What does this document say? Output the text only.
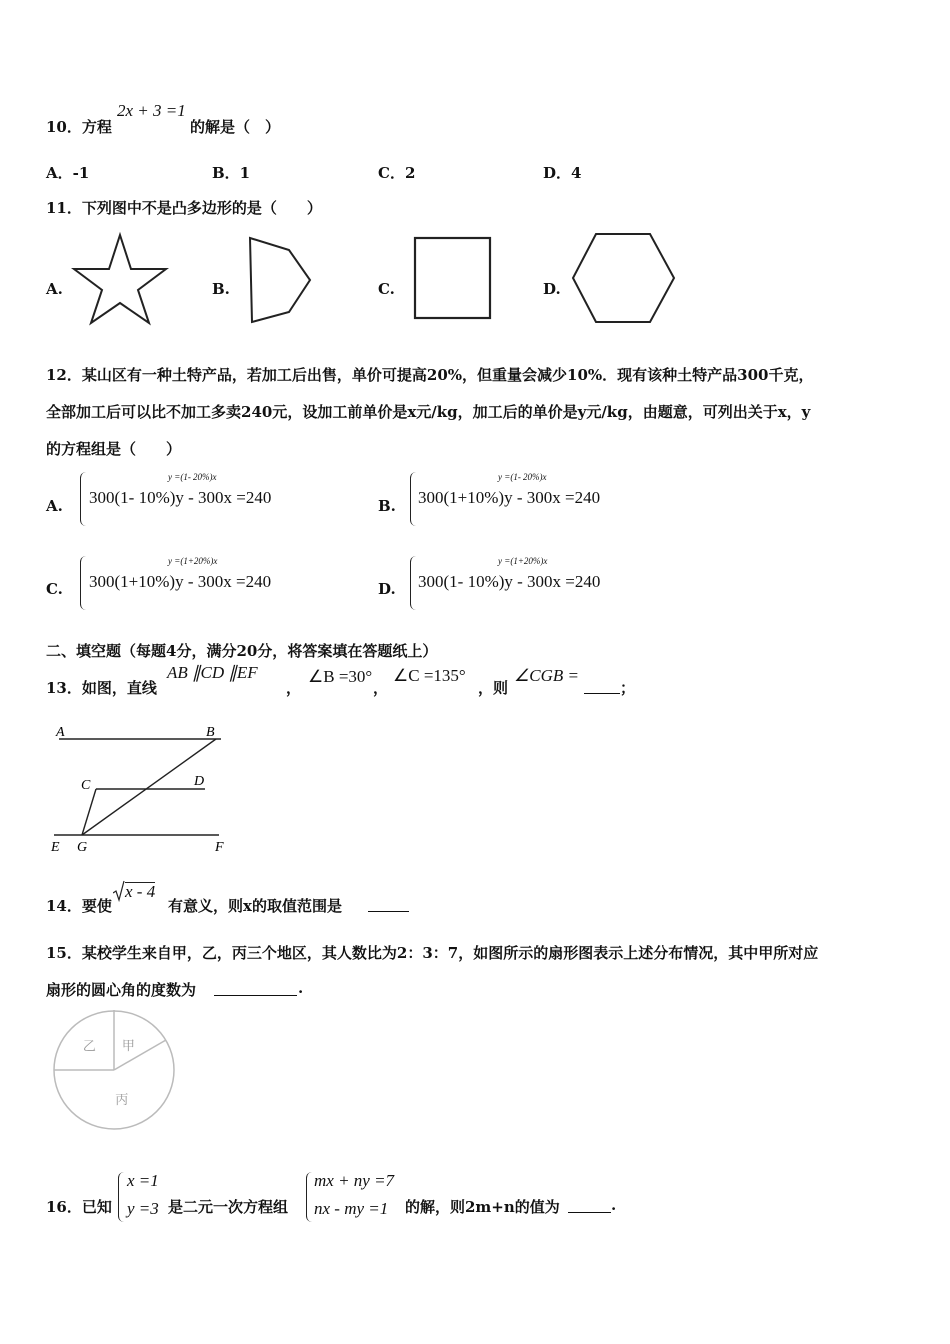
10．方程
2x + 3 =1
的解是（　）
A．-1	B．1	C．2	D．4
11．下列图中不是凸多边形的是（　　）
A.	B.	C.	D.
12．某山区有一种土特产品，若加工后出售，单价可提高20%，但重量会减少10%．现有该种土特产品300千克，
全部加工后可以比不加工多卖240元，设加工前单价是x元/kg，加工后的单价是y元/kg，由题意，可列出关于x，y
的方程组是（　　）
A.
y =(1- 20%)x
300(1- 10%)y - 300x =240	B.
y =(1- 20%)x
300(1+10%)y - 300x =240
C.
y =(1+20%)x
300(1+10%)y - 300x =240	D.
y =(1+20%)x
300(1- 10%)y - 300x =240
二、填空题（每题4分，满分20分，将答案填在答题纸上）
13．如图，直线
AB ∥CD ∥EF
，
∠B =30°
，
∠C =135°
，则
∠CGB =
；
A	B
C	D
E G	F
14．要使
x - 4
有意义，则x的取值范围是
15．某校学生来自甲，乙，丙三个地区，其人数比为2：3：7，如图所示的扇形图表示上述分布情况，其中甲所对应
扇形的圆心角的度数为	.
甲
乙
丙
16．已知
x =1
y =3 是二元一次方程组
mx + ny =7
nx - my =1 的解，则2m+n的值为	.
